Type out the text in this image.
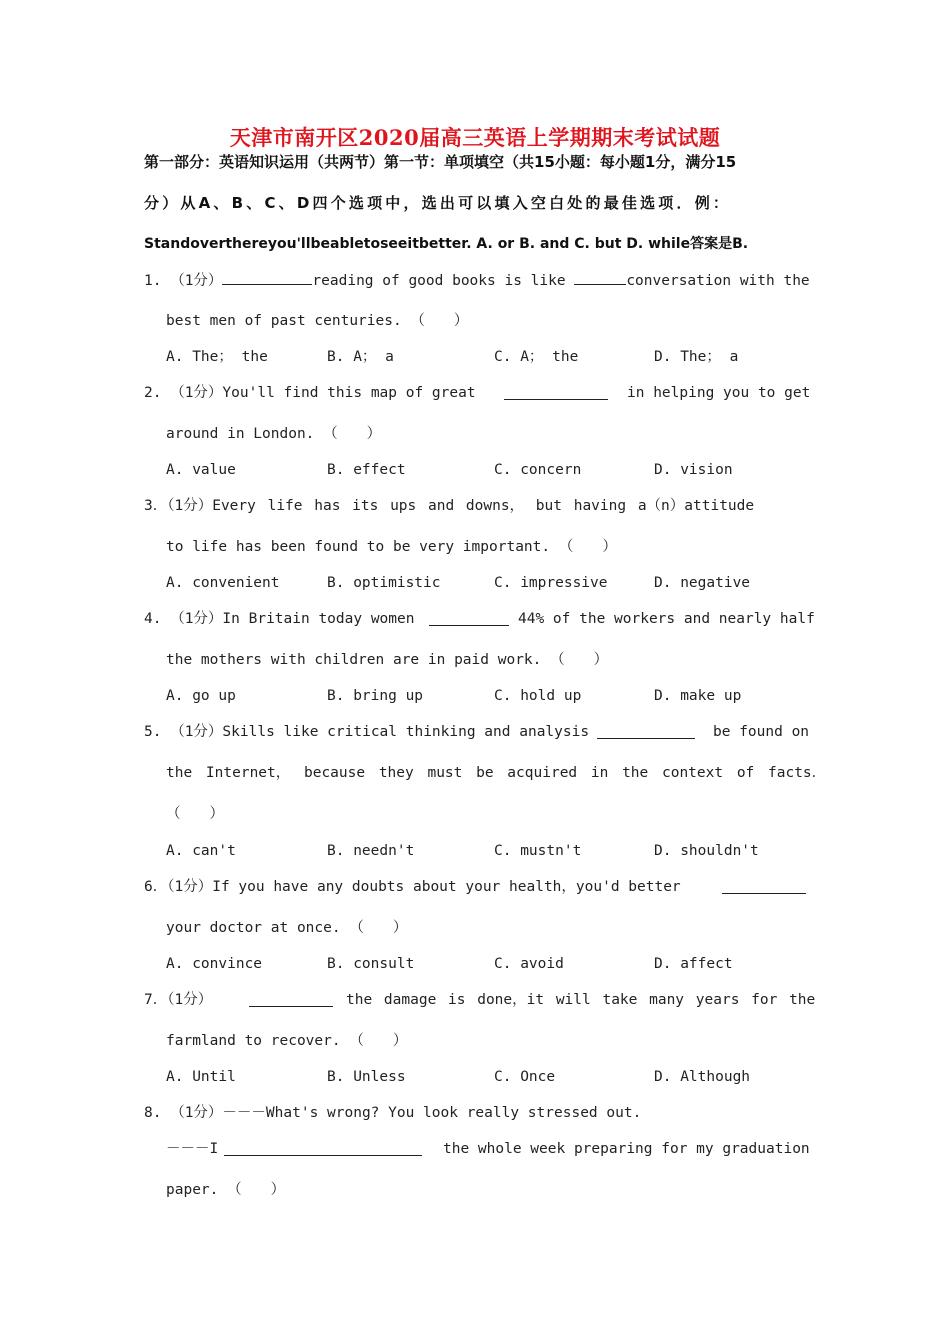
天津市南开区2020届高三英语上学期期末考试试题
第一部分：英语知识运用（共两节）第一节：单项填空（共15小题：每小题1分，满分15
分）从A、B、C、D四个选项中，选出可以填入空白处的最佳选项．例：
Standoverthereyou'llbeabletoseeitbetter. A. or B. and C. but D. while答案是B.
1. （1分）	reading of good books is like	conversation with the
best men of past centuries. （　　）
A. The； the	B. A； a	C. A； the	D. The； a
2. （1分）You'll find this map of great	in helping you to get
around in London. （　　）
A. value	B. effect	C. concern	D. vision
3．（1分）Every life has its ups and downs， but having a（n）attitude
to life has been found to be very important. （　　）
A. convenient	B. optimistic	C. impressive	D. negative
4. （1分）In Britain today women	44% of the workers and nearly half
the mothers with children are in paid work. （　　）
A. go up	B. bring up	C. hold up	D. make up
5. （1分）Skills like critical thinking and analysis	be found on
the Internet， because they must be acquired in the context of facts．
（　　）
A. can't	B. needn't	C. mustn't	D. shouldn't
6．（1分）If you have any doubts about your health，you'd better
your doctor at once. （　　）
A. convince	B. consult	C. avoid	D. affect
7．（1分）	the damage is done，it will take many years for the
farmland to recover. （　　）
A. Until	B. Unless	C. Once	D. Although
8. （1分）－－－What's wrong? You look really stressed out.
－－－I	the whole week preparing for my graduation
paper. （　　）
